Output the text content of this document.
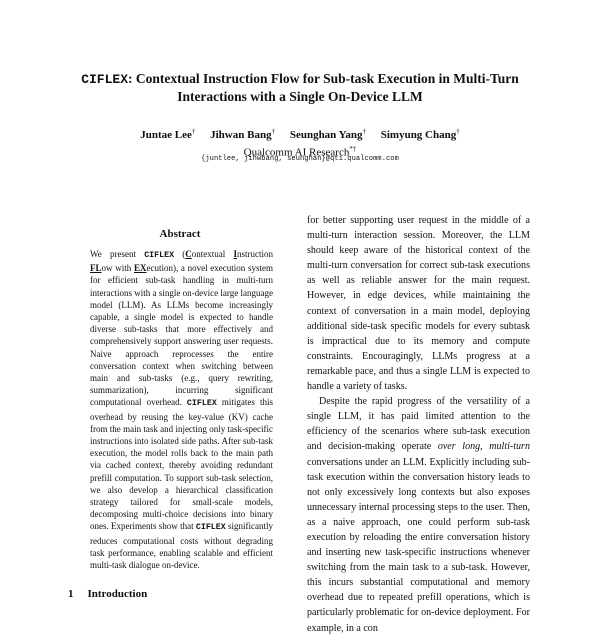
CIFLEX: Contextual Instruction Flow for Sub-task Execution in Multi-Turn
Interactions with a Single On-Device LLM
Juntae Lee† Jihwan Bang† Seunghan Yang† Simyung Chang†
Qualcomm AI Research*†
{juntlee, jihwbang, seunghan}@qti.qualcomm.com
Abstract
We present CIFLEX (Contextual Instruction FLow with EXecution), a novel execution system for efficient sub-task handling in multi-turn interactions with a single on-device large language model (LLM). As LLMs become increasingly capable, a single model is expected to handle diverse sub-tasks that more effectively and comprehensively support answering user requests. Naive approach reprocesses the entire conversation context when switching between main and sub-tasks (e.g., query rewriting, summarization), incurring significant computational overhead. CIFLEX mitigates this overhead by reusing the key-value (KV) cache from the main task and injecting only task-specific instructions into isolated side paths. After sub-task execution, the model rolls back to the main path via cached context, thereby avoiding redundant prefill computation. To support sub-task selection, we also develop a hierarchical classification strategy tailored for small-scale models, decomposing multi-choice decisions into binary ones. Experiments show that CIFLEX significantly reduces computational costs without degrading task performance, enabling scalable and efficient multi-task dialogue on-device.
1 Introduction

for better supporting user request in the middle of a multi-turn interaction session. Moreover, the LLM should keep aware of the historical context of the multi-turn conversation for correct sub-task executions as well as reliable answer for the main request. However, in edge devices, while maintaining the context of conversation in a main model, deploying additional side-task specific models for every subtask is impractical due to its memory and compute constraints. Encouragingly, LLMs progress at a remarkable pace, and thus a single LLM is expected to handle a variety of tasks.

Despite the rapid progress of the versatility of a single LLM, it has paid limited attention to the efficiency of the scenarios where sub-task execution and decision-making operate over long, multi-turn conversations under an LLM. Explicitly including sub-task execution within the conversation history leads to not only excessively long contexts but also exposes unnecessary internal processing steps to the user. Then, as a naive approach, one could perform sub-task execution by reloading the entire conversation history and inserting new task-specific instructions whenever switching from the main task to a sub-task. However, this incurs substantial computational and memory overhead due to repeated prefill operations, which is particularly problematic for on-device deployment. For example, in a con
